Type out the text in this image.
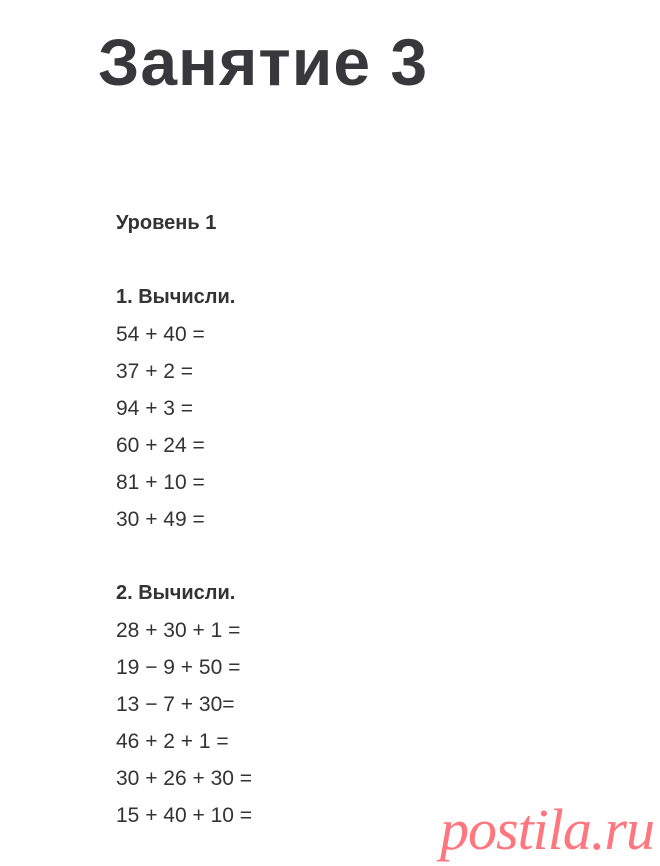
Занятие 3
Уровень 1
1. Вычисли.
54 + 40 =
37 + 2 =
94 + 3 =
60 + 24 =
81 + 10 =
30 + 49 =
2. Вычисли.
28 + 30 + 1 =
19 − 9 + 50 =
13 − 7 + 30=
46 + 2 + 1 =
30 + 26 + 30 =
15 + 40 + 10 =	postila.ru
